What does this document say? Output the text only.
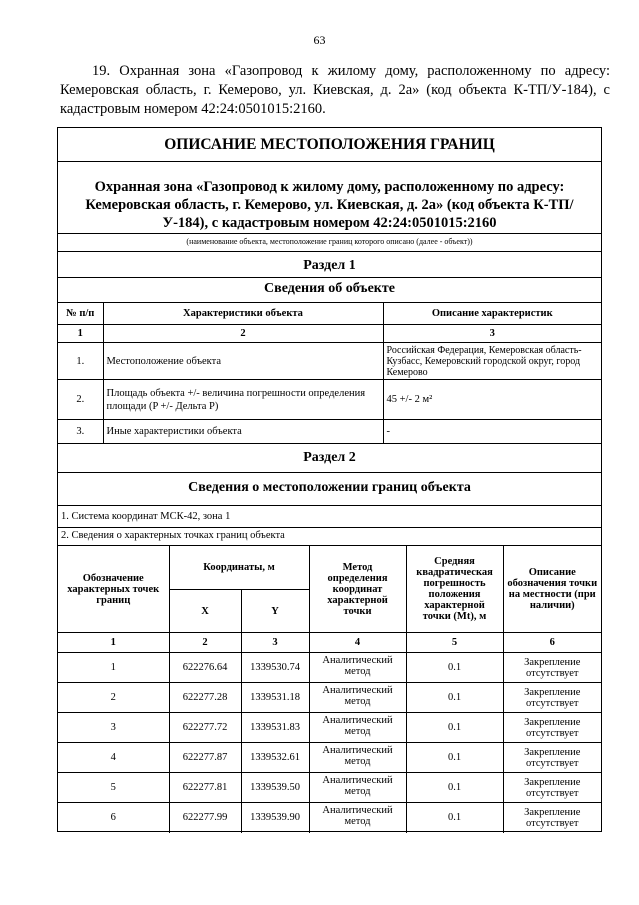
63
19. Охранная зона «Газопровод к жилому дому, расположенному по адресу: Кемеровская область, г. Кемерово, ул. Киевская, д. 2а» (код объекта К-ТП/У-184), с кадастровым номером 42:24:0501015:2160.
ОПИСАНИЕ МЕСТОПОЛОЖЕНИЯ ГРАНИЦ
Охранная зона «Газопровод к жилому дому, расположенному по адресу: Кемеровская область, г. Кемерово, ул. Киевская, д. 2а» (код объекта К-ТП/У-184), с кадастровым номером 42:24:0501015:2160
(наименование объекта, местоположение границ которого описано (далее - объект))
Раздел 1
Сведения об объекте
№ п/п	Характеристики объекта	Описание характеристик
1	2	3
1.	Местоположение объекта	Российская Федерация, Кемеровская область-Кузбасс, Кемеровский городской округ, город Кемерово
2.	Площадь объекта +/- величина погрешности определения площади (P +/- Дельта P)	45 +/- 2 м²
3.	Иные характеристики объекта	-
Раздел 2
Сведения о местоположении границ объекта
1. Система координат МСК-42, зона 1
2. Сведения о характерных точках границ объекта
Обозначение характерных точек границ	Координаты, м		Метод определения координат характерной точки	Средняя квадратическая погрешность положения характерной точки (Mt), м	Описание обозначения точки на местности (при наличии)
	X	Y			
1	2	3	4	5	6
1	622276.64	1339530.74	Аналитический метод	0.1	Закрепление отсутствует
2	622277.28	1339531.18	Аналитический метод	0.1	Закрепление отсутствует
3	622277.72	1339531.83	Аналитический метод	0.1	Закрепление отсутствует
4	622277.87	1339532.61	Аналитический метод	0.1	Закрепление отсутствует
5	622277.81	1339539.50	Аналитический метод	0.1	Закрепление отсутствует
6	622277.99	1339539.90	Аналитический метод	0.1	Закрепление отсутствует
